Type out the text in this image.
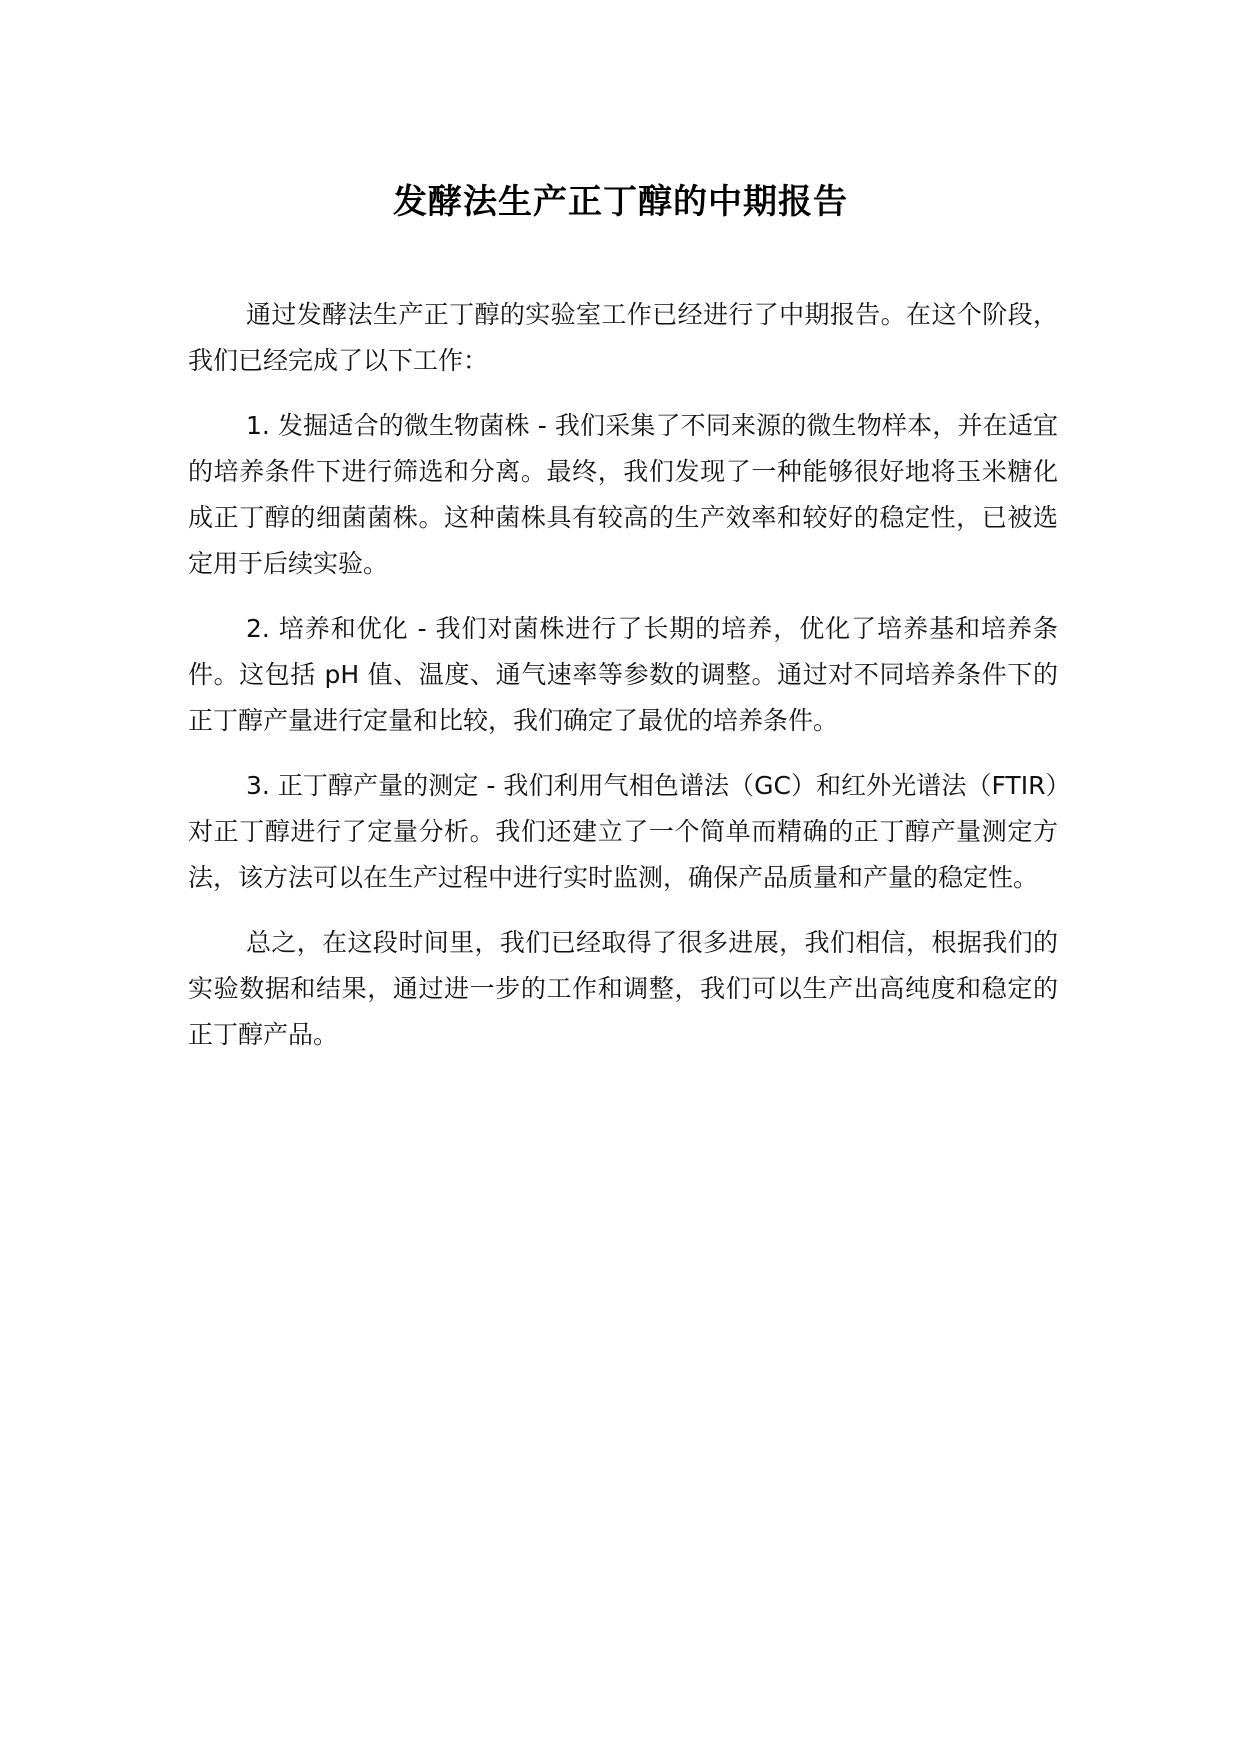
发酵法生产正丁醇的中期报告

通过发酵法生产正丁醇的实验室工作已经进行了中期报告。在这个阶段，我们已经完成了以下工作：

1. 发掘适合的微生物菌株 - 我们采集了不同来源的微生物样本，并在适宜的培养条件下进行筛选和分离。最终，我们发现了一种能够很好地将玉米糖化成正丁醇的细菌菌株。这种菌株具有较高的生产效率和较好的稳定性，已被选定用于后续实验。

2. 培养和优化 - 我们对菌株进行了长期的培养，优化了培养基和培养条件。这包括 pH 值、温度、通气速率等参数的调整。通过对不同培养条件下的正丁醇产量进行定量和比较，我们确定了最优的培养条件。

3. 正丁醇产量的测定 - 我们利用气相色谱法（GC）和红外光谱法（FTIR）对正丁醇进行了定量分析。我们还建立了一个简单而精确的正丁醇产量测定方法，该方法可以在生产过程中进行实时监测，确保产品质量和产量的稳定性。

总之，在这段时间里，我们已经取得了很多进展，我们相信，根据我们的实验数据和结果，通过进一步的工作和调整，我们可以生产出高纯度和稳定的正丁醇产品。
